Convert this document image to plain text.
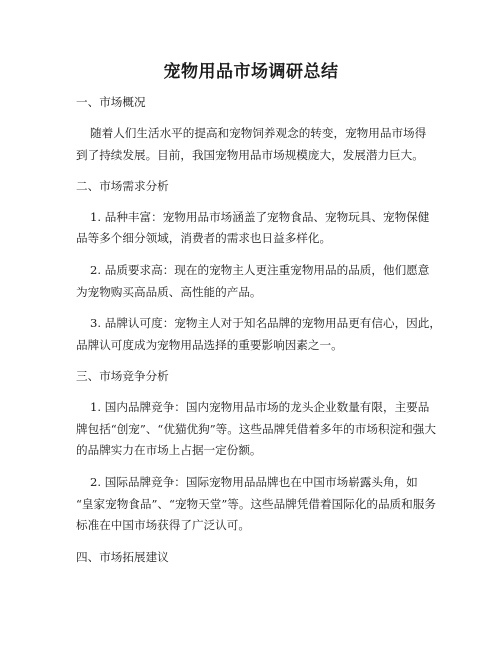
宠物用品市场调研总结
一、市场概况
随着人们生活水平的提高和宠物饲养观念的转变，宠物用品市场得
到了持续发展。目前，我国宠物用品市场规模庞大，发展潜力巨大。
二、市场需求分析
1. 品种丰富：宠物用品市场涵盖了宠物食品、宠物玩具、宠物保健
品等多个细分领域，消费者的需求也日益多样化。
2. 品质要求高：现在的宠物主人更注重宠物用品的品质，他们愿意
为宠物购买高品质、高性能的产品。
3. 品牌认可度：宠物主人对于知名品牌的宠物用品更有信心，因此，
品牌认可度成为宠物用品选择的重要影响因素之一。
三、市场竞争分析
1. 国内品牌竞争：国内宠物用品市场的龙头企业数量有限，主要品
牌包括“创宠”、“优猫优狗”等。这些品牌凭借着多年的市场积淀和强大
的品牌实力在市场上占据一定份额。
2. 国际品牌竞争：国际宠物用品品牌也在中国市场崭露头角，如
“皇家宠物食品”、“宠物天堂”等。这些品牌凭借着国际化的品质和服务
标准在中国市场获得了广泛认可。
四、市场拓展建议
